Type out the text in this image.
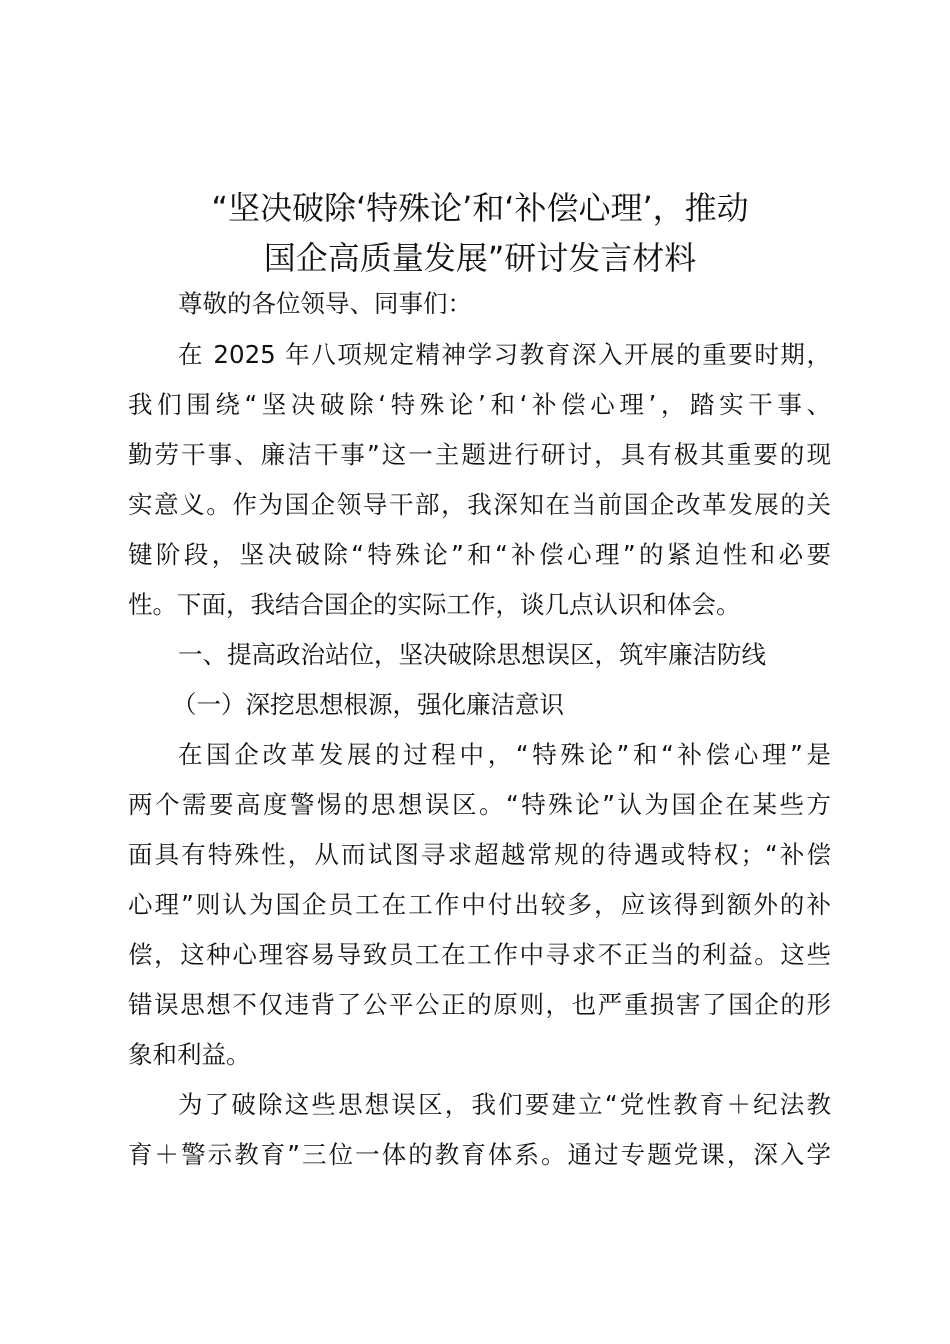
“坚决破除‘特殊论’和‘补偿心理’，推动
国企高质量发展”研讨发言材料
尊敬的各位领导、同事们：
在 2025 年八项规定精神学习教育深入开展的重要时期，
我们围绕“坚决破除‘特殊论’和‘补偿心理’，踏实干事、
勤劳干事、廉洁干事”这一主题进行研讨，具有极其重要的现
实意义。作为国企领导干部，我深知在当前国企改革发展的关
键阶段，坚决破除“特殊论”和“补偿心理”的紧迫性和必要
性。下面，我结合国企的实际工作，谈几点认识和体会。
一、提高政治站位，坚决破除思想误区，筑牢廉洁防线
（一）深挖思想根源，强化廉洁意识
在国企改革发展的过程中，“特殊论”和“补偿心理”是
两个需要高度警惕的思想误区。“特殊论”认为国企在某些方
面具有特殊性，从而试图寻求超越常规的待遇或特权；“补偿
心理”则认为国企员工在工作中付出较多，应该得到额外的补
偿，这种心理容易导致员工在工作中寻求不正当的利益。这些
错误思想不仅违背了公平公正的原则，也严重损害了国企的形
象和利益。
为了破除这些思想误区，我们要建立“党性教育＋纪法教
育＋警示教育”三位一体的教育体系。通过专题党课，深入学
